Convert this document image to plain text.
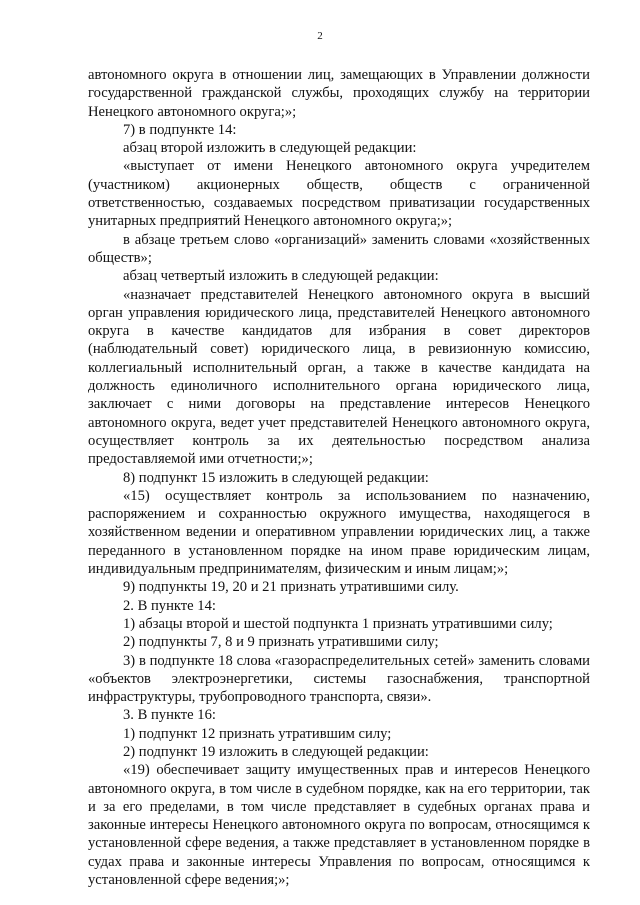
2

автономного округа в отношении лиц, замещающих в Управлении должности государственной гражданской службы, проходящих службу на территории Ненецкого автономного округа;»;

7) в подпункте 14:

абзац второй изложить в следующей редакции:

«выступает от имени Ненецкого автономного округа учредителем (участником) акционерных обществ, обществ с ограниченной ответственностью, создаваемых посредством приватизации государственных унитарных предприятий Ненецкого автономного округа;»;

в абзаце третьем слово «организаций» заменить словами «хозяйственных обществ»;

абзац четвертый изложить в следующей редакции:

«назначает представителей Ненецкого автономного округа в высший орган управления юридического лица, представителей Ненецкого автономного округа в качестве кандидатов для избрания в совет директоров (наблюдательный совет) юридического лица, в ревизионную комиссию, коллегиальный исполнительный орган, а также в качестве кандидата на должность единоличного исполнительного органа юридического лица, заключает с ними договоры на представление интересов Ненецкого автономного округа, ведет учет представителей Ненецкого автономного округа, осуществляет контроль за их деятельностью посредством анализа предоставляемой ими отчетности;»;

8) подпункт 15 изложить в следующей редакции:

«15) осуществляет контроль за использованием по назначению, распоряжением и сохранностью окружного имущества, находящегося в хозяйственном ведении и оперативном управлении юридических лиц, а также переданного в установленном порядке на ином праве юридическим лицам, индивидуальным предпринимателям, физическим и иным лицам;»;

9) подпункты 19, 20 и 21 признать утратившими силу.

2. В пункте 14:

1) абзацы второй и шестой подпункта 1 признать утратившими силу;

2) подпункты 7, 8 и 9 признать утратившими силу;

3) в подпункте 18 слова «газораспределительных сетей» заменить словами «объектов электроэнергетики, системы газоснабжения, транспортной инфраструктуры, трубопроводного транспорта, связи».

3. В пункте 16:

1) подпункт 12 признать утратившим силу;

2) подпункт 19 изложить в следующей редакции:

«19) обеспечивает защиту имущественных прав и интересов Ненецкого автономного округа, в том числе в судебном порядке, как на его территории, так и за его пределами, в том числе представляет в судебных органах права и законные интересы Ненецкого автономного округа по вопросам, относящимся к установленной сфере ведения, а также представляет в установленном порядке в судах права и законные интересы Управления по вопросам, относящимся к установленной сфере ведения;»;
